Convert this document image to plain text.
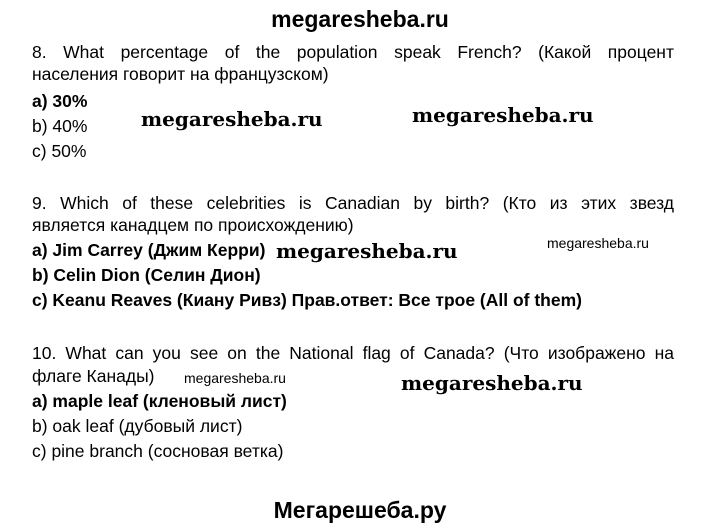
megaresheba.ru
8. What percentage of the population speak French? (Какой процент
населения говорит на французском)
a) 30%
b) 40%
c) 50%
9. Which of these celebrities is Canadian by birth? (Кто из этих звезд
является канадцем по происхождению)
a) Jim Carrey (Джим Керри)
b) Celin Dion (Селин Дион)
c) Keanu Reaves (Киану Ривз) Прав.ответ: Все трое (All of them)
10. What can you see on the National flag of Canada? (Что изображено на
флаге Канады)
a) maple leaf (кленовый лист)
b) oak leaf (дубовый лист)
c) pine branch (сосновая ветка)
megaresheba.ru	megaresheba.ru
megaresheba.ru	megaresheba.ru
megaresheba.ru	megaresheba.ru
Мегарешеба.ру
